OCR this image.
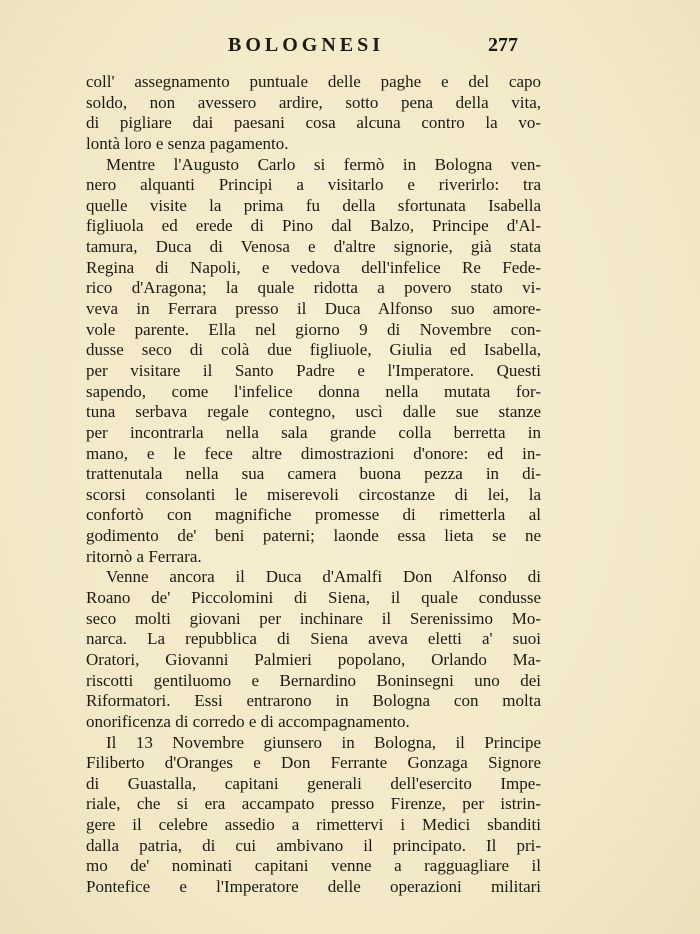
BOLOGNESI	277
coll' assegnamento puntuale delle paghe e del capo
soldo, non avessero ardire, sotto pena della vita,
di pigliare dai paesani cosa alcuna contro la vo-
lontà loro e senza pagamento.
Mentre l'Augusto Carlo si fermò in Bologna ven-
nero alquanti Principi a visitarlo e riverirlo: tra
quelle visite la prima fu della sfortunata Isabella
figliuola ed erede di Pino dal Balzo, Principe d'Al-
tamura, Duca di Venosa e d'altre signorie, già stata
Regina di Napoli, e vedova dell'infelice Re Fede-
rico d'Aragona; la quale ridotta a povero stato vi-
veva in Ferrara presso il Duca Alfonso suo amore-
vole parente. Ella nel giorno 9 di Novembre con-
dusse seco di colà due figliuole, Giulia ed Isabella,
per visitare il Santo Padre e l'Imperatore. Questi
sapendo, come l'infelice donna nella mutata for-
tuna serbava regale contegno, uscì dalle sue stanze
per incontrarla nella sala grande colla berretta in
mano, e le fece altre dimostrazioni d'onore: ed in-
trattenutala nella sua camera buona pezza in di-
scorsi consolanti le miserevoli circostanze di lei, la
confortò con magnifiche promesse di rimetterla al
godimento de' beni paterni; laonde essa lieta se ne
ritornò a Ferrara.
Venne ancora il Duca d'Amalfi Don Alfonso di
Roano de' Piccolomini di Siena, il quale condusse
seco molti giovani per inchinare il Serenissimo Mo-
narca. La repubblica di Siena aveva eletti a' suoi
Oratori, Giovanni Palmieri popolano, Orlando Ma-
riscotti gentiluomo e Bernardino Boninsegni uno dei
Riformatori. Essi entrarono in Bologna con molta
onorificenza di corredo e di accompagnamento.
Il 13 Novembre giunsero in Bologna, il Principe
Filiberto d'Oranges e Don Ferrante Gonzaga Signore
di Guastalla, capitani generali dell'esercito Impe-
riale, che si era accampato presso Firenze, per istrin-
gere il celebre assedio a rimettervi i Medici sbanditi
dalla patria, di cui ambivano il principato. Il pri-
mo de' nominati capitani venne a ragguagliare il
Pontefice e l'Imperatore delle operazioni militari
